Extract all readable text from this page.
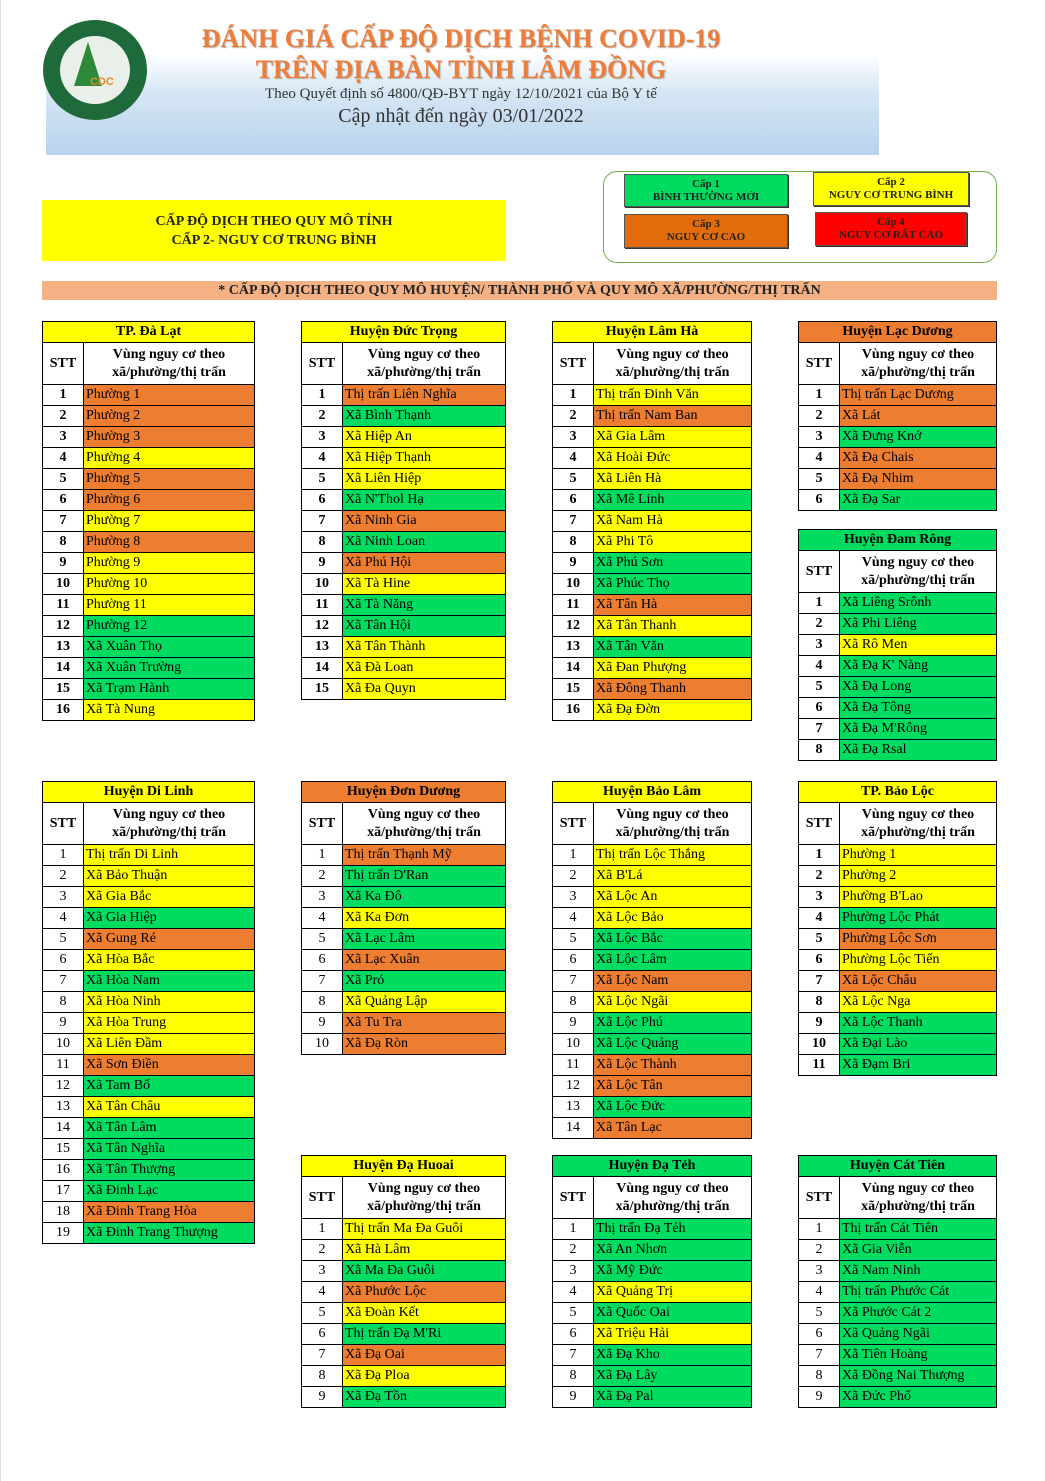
CDC
ĐÁNH GIÁ CẤP ĐỘ DỊCH BỆNH COVID-19
TRÊN ĐỊA BÀN TỈNH LÂM ĐỒNG
Theo Quyết định số 4800/QĐ-BYT ngày 12/10/2021 của Bộ Y tế
Cập nhật đến ngày 03/01/2022
CẤP ĐỘ DỊCH THEO QUY MÔ TỈNH
CẤP 2- NGUY CƠ TRUNG BÌNH
Cấp 1
BÌNH THƯỜNG MỚI
Cấp 2
NGUY CƠ TRUNG BÌNH
Cấp 3
NGUY CƠ CAO
Cấp 4
NGUY CƠ RẤT CAO
* CẤP ĐỘ DỊCH THEO QUY MÔ HUYỆN/ THÀNH PHỐ VÀ QUY MÔ XÃ/PHƯỜNG/THỊ TRẤN
TP. Đà Lạt	
STT	Vùng nguy cơ theo
xã/phường/thị trấn

1	Phường 1
2	Phường 2
3	Phường 3
4	Phường 4
5	Phường 5
6	Phường 6
7	Phường 7
8	Phường 8
9	Phường 9
10	Phường 10
11	Phường 11
12	Phường 12
13	Xã Xuân Thọ
14	Xã Xuân Trường
15	Xã Trạm Hành
16	Xã Tà Nung
Huyện Đức Trọng	
STT	Vùng nguy cơ theo
xã/phường/thị trấn

1	Thị trấn Liên Nghĩa
2	Xã Bình Thạnh
3	Xã Hiệp An
4	Xã Hiệp Thạnh
5	Xã Liên Hiệp
6	Xã N'Thol Hạ
7	Xã Ninh Gia
8	Xã Ninh Loan
9	Xã Phú Hội
10	Xã Tà Hine
11	Xã Tà Năng
12	Xã Tân Hội
13	Xã Tân Thành
14	Xã Đà Loan
15	Xã Đa Quyn
Huyện Lâm Hà	
STT	Vùng nguy cơ theo
xã/phường/thị trấn

1	Thị trấn Đinh Văn
2	Thị trấn Nam Ban
3	Xã Gia Lâm
4	Xã Hoài Đức
5	Xã Liên Hà
6	Xã Mê Linh
7	Xã Nam Hà
8	Xã Phi Tô
9	Xã Phú Sơn
10	Xã Phúc Thọ
11	Xã Tân Hà
12	Xã Tân Thanh
13	Xã Tân Văn
14	Xã Đan Phượng
15	Xã Đông Thanh
16	Xã Đạ Đờn
Huyện Lạc Dương	
STT	Vùng nguy cơ theo
xã/phường/thị trấn

1	Thị trấn Lạc Dương
2	Xã Lát
3	Xã Đưng Knớ
4	Xã Đạ Chais
5	Xã Đạ Nhim
6	Xã Đạ Sar
Huyện Đam Rông	
STT	Vùng nguy cơ theo
xã/phường/thị trấn

1	Xã Liêng Srônh
2	Xã Phi Liêng
3	Xã Rô Men
4	Xã Đạ K' Nàng
5	Xã Đạ Long
6	Xã Đạ Tông
7	Xã Đạ M'Rông
8	Xã Đạ Rsal
Huyện Di Linh	
STT	Vùng nguy cơ theo
xã/phường/thị trấn

1	Thị trấn Di Linh
2	Xã Bảo Thuận
3	Xã Gia Bắc
4	Xã Gia Hiệp
5	Xã Gung Ré
6	Xã Hòa Bắc
7	Xã Hòa Nam
8	Xã Hòa Ninh
9	Xã Hòa Trung
10	Xã Liên Đầm
11	Xã Sơn Điền
12	Xã Tam Bố
13	Xã Tân Châu
14	Xã Tân Lâm
15	Xã Tân Nghĩa
16	Xã Tân Thượng
17	Xã Đinh Lạc
18	Xã Đinh Trang Hòa
19	Xã Đinh Trang Thượng
Huyện Đơn Dương	
STT	Vùng nguy cơ theo
xã/phường/thị trấn

1	Thị trấn Thạnh Mỹ
2	Thị trấn D'Ran
3	Xã Ka Đô
4	Xã Ka Đơn
5	Xã Lạc Lâm
6	Xã Lạc Xuân
7	Xã Pró
8	Xã Quảng Lập
9	Xã Tu Tra
10	Xã Đạ Ròn
Huyện Bảo Lâm	
STT	Vùng nguy cơ theo
xã/phường/thị trấn

1	Thị trấn Lộc Thắng
2	Xã B'Lá
3	Xã Lộc An
4	Xã Lộc Bảo
5	Xã Lộc Bắc
6	Xã Lộc Lâm
7	Xã Lộc Nam
8	Xã Lộc Ngãi
9	Xã Lộc Phú
10	Xã Lộc Quảng
11	Xã Lộc Thành
12	Xã Lộc Tân
13	Xã Lộc Đức
14	Xã Tân Lạc
TP. Bảo Lộc	
STT	Vùng nguy cơ theo
xã/phường/thị trấn

1	Phường 1
2	Phường 2
3	Phường B'Lao
4	Phường Lộc Phát
5	Phường Lộc Sơn
6	Phường Lộc Tiến
7	Xã Lộc Châu
8	Xã Lộc Nga
9	Xã Lộc Thanh
10	Xã Đại Lào
11	Xã Đạm Bri
Huyện Đạ Huoai	
STT	Vùng nguy cơ theo
xã/phường/thị trấn

1	Thị trấn Ma Đa Guôi
2	Xã Hà Lâm
3	Xã Ma Đa Guôi
4	Xã Phước Lộc
5	Xã Đoàn Kết
6	Thị trấn Đạ M'Ri
7	Xã Đạ Oai
8	Xã Đạ Ploa
9	Xã Đạ Tồn
Huyện Đạ Tẻh	
STT	Vùng nguy cơ theo
xã/phường/thị trấn

1	Thị trấn Đạ Tẻh
2	Xã An Nhơn
3	Xã Mỹ Đức
4	Xã Quảng Trị
5	Xã Quốc Oai
6	Xã Triệu Hải
7	Xã Đạ Kho
8	Xã Đạ Lây
9	Xã Đạ Pal
Huyện Cát Tiên	
STT	Vùng nguy cơ theo
xã/phường/thị trấn

1	Thị trấn Cát Tiên
2	Xã Gia Viễn
3	Xã Nam Ninh
4	Thị trấn Phước Cát
5	Xã Phước Cát 2
6	Xã Quảng Ngãi
7	Xã Tiên Hoàng
8	Xã Đồng Nai Thượng
9	Xã Đức Phổ
